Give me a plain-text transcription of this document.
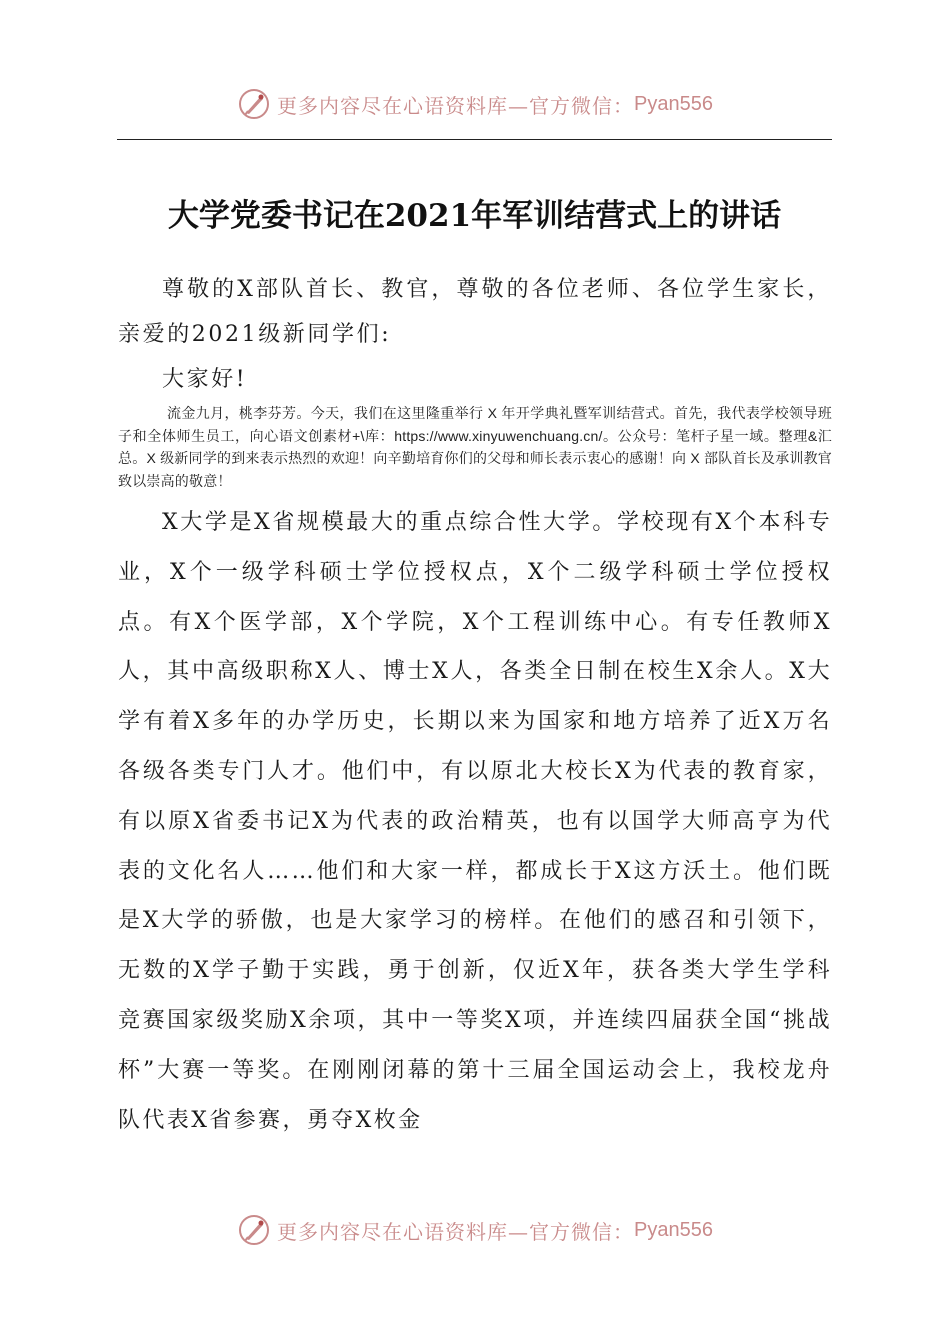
更多内容尽在心语资料库—官方微信： Pyan556
大学党委书记在2021年军训结营式上的讲话

尊敬的X部队首长、教官，尊敬的各位老师、各位学生家长，亲爱的2021级新同学们:

大家好!

流金九月，桃李芬芳。今天，我们在这里隆重举行 X 年开学典礼暨军训结营式。首先，我代表学校领导班子和全体师生员工，向心语文创素材+\库：https://www.xinyuwenchuang.cn/。公众号：笔杆子星一域。整理&汇总。X 级新同学的到来表示热烈的欢迎！向辛勤培育你们的父母和师长表示衷心的感谢！向 X 部队首长及承训教官致以崇高的敬意！

X大学是X省规模最大的重点综合性大学。学校现有X个本科专业，X个一级学科硕士学位授权点，X个二级学科硕士学位授权点。有X个医学部，X个学院，X个工程训练中心。有专任教师X人，其中高级职称X人、博士X人，各类全日制在校生X余人。X大学有着X多年的办学历史，长期以来为国家和地方培养了近X万名各级各类专门人才。他们中，有以原北大校长X为代表的教育家，有以原X省委书记X为代表的政治精英，也有以国学大师高亨为代表的文化名人……他们和大家一样，都成长于X这方沃土。他们既是X大学的骄傲，也是大家学习的榜样。在他们的感召和引领下，无数的X学子勤于实践，勇于创新，仅近X年，获各类大学生学科竞赛国家级奖励X余项，其中一等奖X项，并连续四届获全国“挑战杯”大赛一等奖。在刚刚闭幕的第十三届全国运动会上，我校龙舟队代表X省参赛，勇夺X枚金

更多内容尽在心语资料库—官方微信： Pyan556
